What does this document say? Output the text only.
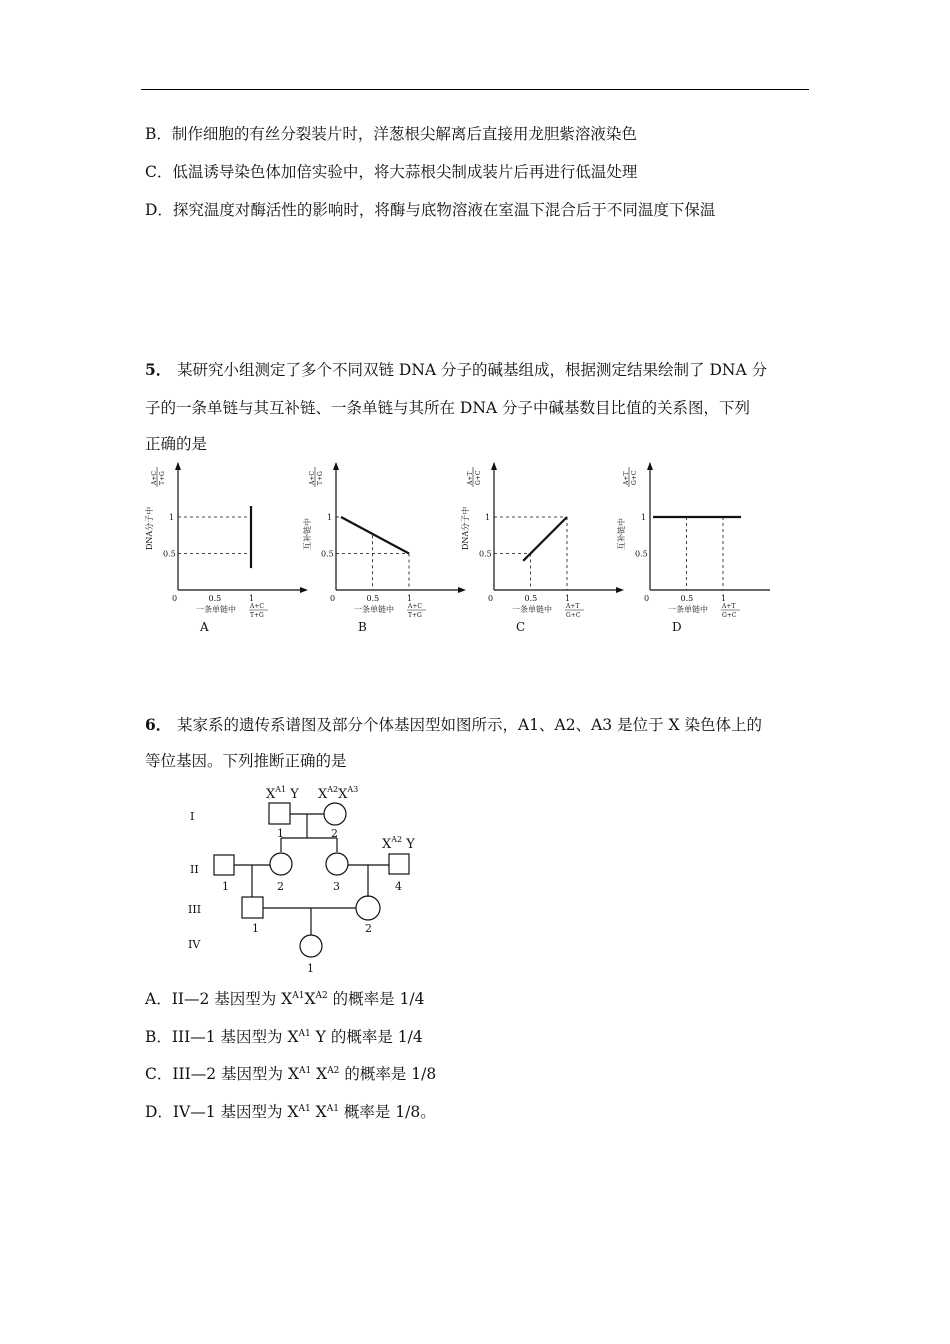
B．制作细胞的有丝分裂装片时，洋葱根尖解离后直接用龙胆紫溶液染色
C．低温诱导染色体加倍实验中，将大蒜根尖制成装片后再进行低温处理
D．探究温度对酶活性的影响时，将酶与底物溶液在室温下混合后于不同温度下保温
5． 某研究小组测定了多个不同双链 DNA 分子的碱基组成，根据测定结果绘制了 DNA 分
子的一条单链与其互补链、一条单链与其所在 DNA 分子中碱基数目比值的关系图，下列
正确的是
0	0.5	1
0.5
1
DNA分子中
A+C T+G
一条单链中 A+C
T+G
A
0	0.5	1
0.5
1
互补链中
A+C T+G
一条单链中 A+C
T+G
B
0	0.5	1
0.5
1
DNA分子中
A+T G+C
一条单链中 A+T
G+C
C
0	0.5	1
0.5
1
互补链中
A+T G+C
一条单链中 A+T
G+C
D
6． 某家系的遗传系谱图及部分个体基因型如图所示，A1、A2、A3 是位于 X 染色体上的
等位基因。下列推断正确的是
I
II
III
IV
$X^{A1}$ Y $X^{A2}X^{A3}$
1	2
$X^{A2}$ Y
1	2	3	4
1	2
1
A．II—2 基因型为 $X^{A1}X^{A2}$ 的概率是 1/4
B．III—1 基因型为 $X^{A1}$ Y 的概率是 1/4
C．III—2 基因型为 $X^{A1}$ $X^{A2}$ 的概率是 1/8
D．IV—1 基因型为 $X^{A1}$ $X^{A1}$ 概率是 1/8。
